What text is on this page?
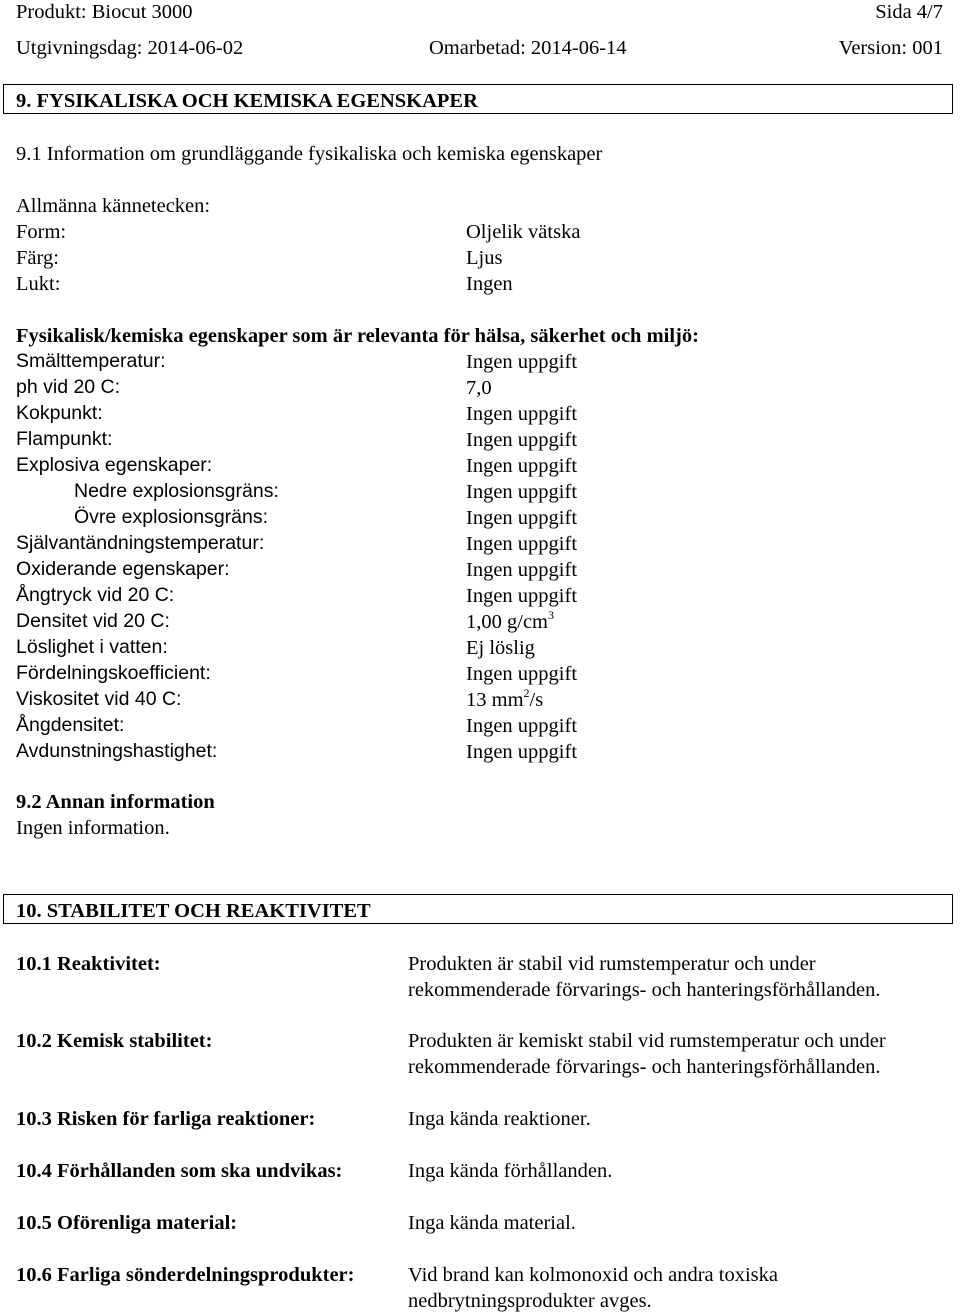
Produkt: Biocut 3000	Sida 4/7
Utgivningsdag: 2014-06-02	Omarbetad: 2014-06-14	Version: 001
9. FYSIKALISKA OCH KEMISKA EGENSKAPER
9.1 Information om grundläggande fysikaliska och kemiska egenskaper
Allmänna kännetecken:
Form:	Oljelik vätska
Färg:	Ljus
Lukt:	Ingen
Fysikalisk/kemiska egenskaper som är relevanta för hälsa, säkerhet och miljö:
Smälttemperatur:	Ingen uppgift
ph vid 20 C:	7,0
Kokpunkt:	Ingen uppgift
Flampunkt:	Ingen uppgift
Explosiva egenskaper:	Ingen uppgift
Nedre explosionsgräns:	Ingen uppgift
Övre explosionsgräns:	Ingen uppgift
Självantändningstemperatur:	Ingen uppgift
Oxiderande egenskaper:	Ingen uppgift
Ångtryck vid 20 C:	Ingen uppgift
Densitet vid 20 C:	1,00 $g/cm^3$
Löslighet i vatten:	Ej löslig
Fördelningskoefficient:	Ingen uppgift
Viskositet vid 40 C:	13 $mm^2/s$
Ångdensitet:	Ingen uppgift
Avdunstningshastighet:	Ingen uppgift
9.2 Annan information
Ingen information.
10. STABILITET OCH REAKTIVITET
10.1 Reaktivitet:	Produkten är stabil vid rumstemperatur och under
rekommenderade förvarings- och hanteringsförhållanden.
10.2 Kemisk stabilitet:	Produkten är kemiskt stabil vid rumstemperatur och under
rekommenderade förvarings- och hanteringsförhållanden.
10.3 Risken för farliga reaktioner:	Inga kända reaktioner.
10.4 Förhållanden som ska undvikas:	Inga kända förhållanden.
10.5 Oförenliga material:	Inga kända material.
10.6 Farliga sönderdelningsprodukter:	Vid brand kan kolmonoxid och andra toxiska
nedbrytningsprodukter avges.
